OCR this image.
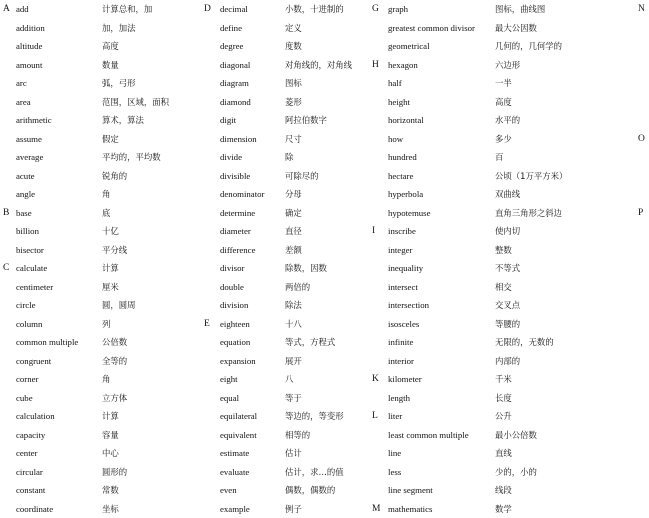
A add	计算总和，加
addition	加，加法
altitude	高度
amount	数量
arc	弧，弓形
area	范围，区域，面积
arithmetic	算术，算法
assume	假定
average	平均的，平均数
acute	锐角的
angle	角
B base	底
billion	十亿
bisector	平分线
C calculate	计算
centimeter	厘米
circle	圆，圆周
column	列
common multiple	公倍数
congruent	全等的
corner	角
cube	立方体
calculation	计算
capacity	容量
center	中心
circular	圆形的
constant	常数
coordinate	坐标
D decimal	小数，十进制的
define	定义
degree	度数
diagonal	对角线的，对角线
diagram	图标
diamond	菱形
digit	阿拉伯数字
dimension	尺寸
divide	除
divisible	可除尽的
denominator 分母
determine	确定
diameter	直径
difference	差额
divisor	除数，因数
double	两倍的
division	除法
E eighteen	十八
equation	等式，方程式
expansion	展开
eight	八
equal	等于
equilateral	等边的，等变形
equivalent	相等的
estimate	估计
evaluate	估计，求…的值
even	偶数，偶数的
example	例子
G graph	图标，曲线图
greatest common divisor 最大公因数
geometrical	几何的，几何学的
H hexagon	六边形
half	一半
height	高度
horizontal	水平的
how	多少
hundred	百
hectare	公顷（1万平方米）
hyperbola	双曲线
hypotemuse	直角三角形之斜边
I inscribe	使内切
integer	整数
inequality	不等式
intersect	相交
intersection	交叉点
isosceles	等腰的
infinite	无限的，无数的
interior	内部的
K kilometer	千米
length	长度
L liter	公升
least common multiple	最小公倍数
line	直线
less	少的，小的
line segment	线段
M mathematics	数学
N
O
P
